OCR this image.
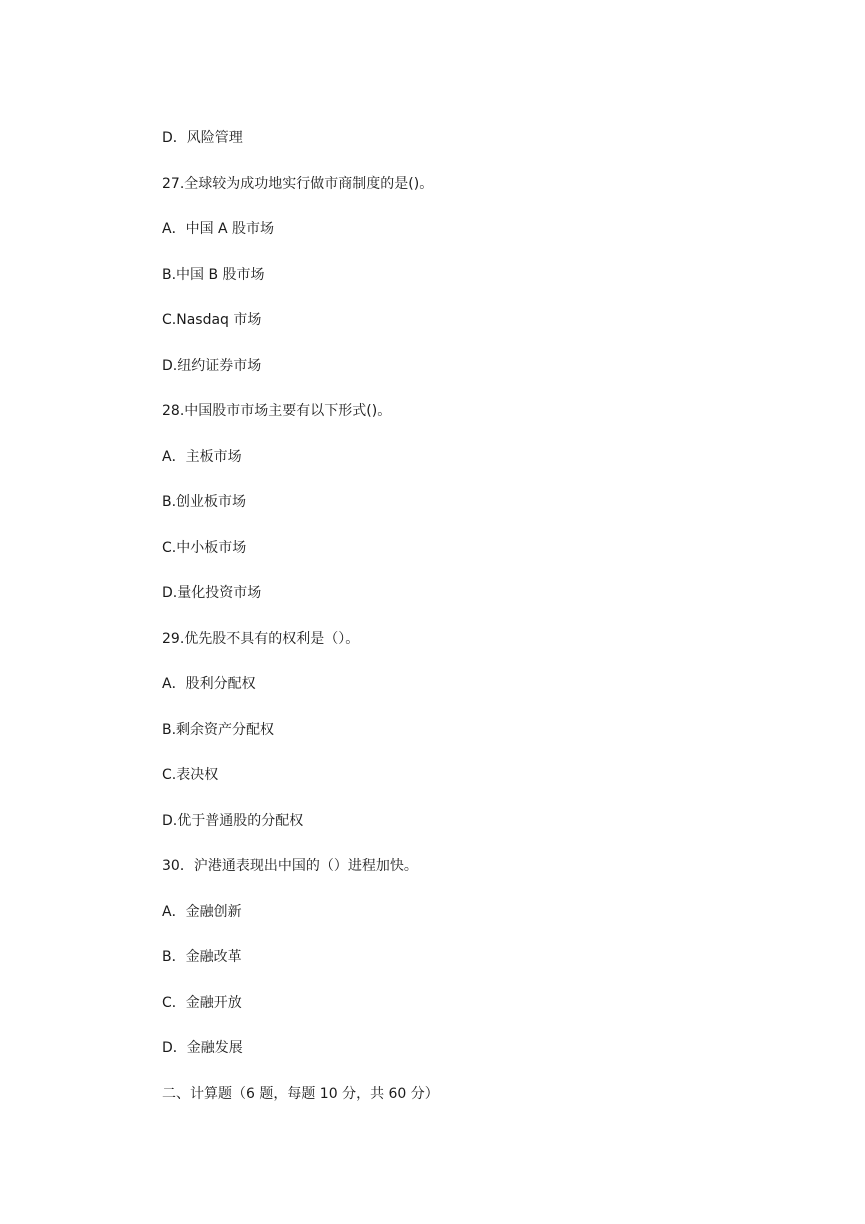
D．风险管理
27.全球较为成功地实行做市商制度的是()。
A．中国 A 股市场
B.中国 B 股市场
C.Nasdaq 市场
D.纽约证券市场
28.中国股市市场主要有以下形式()。
A．主板市场
B.创业板市场
C.中小板市场
D.量化投资市场
29.优先股不具有的权利是（）。
A．股利分配权
B.剩余资产分配权
C.表决权
D.优于普通股的分配权
30．沪港通表现出中国的（）进程加快。
A．金融创新
B．金融改革
C．金融开放
D．金融发展
二、计算题（6 题，每题 10 分，共 60 分）
